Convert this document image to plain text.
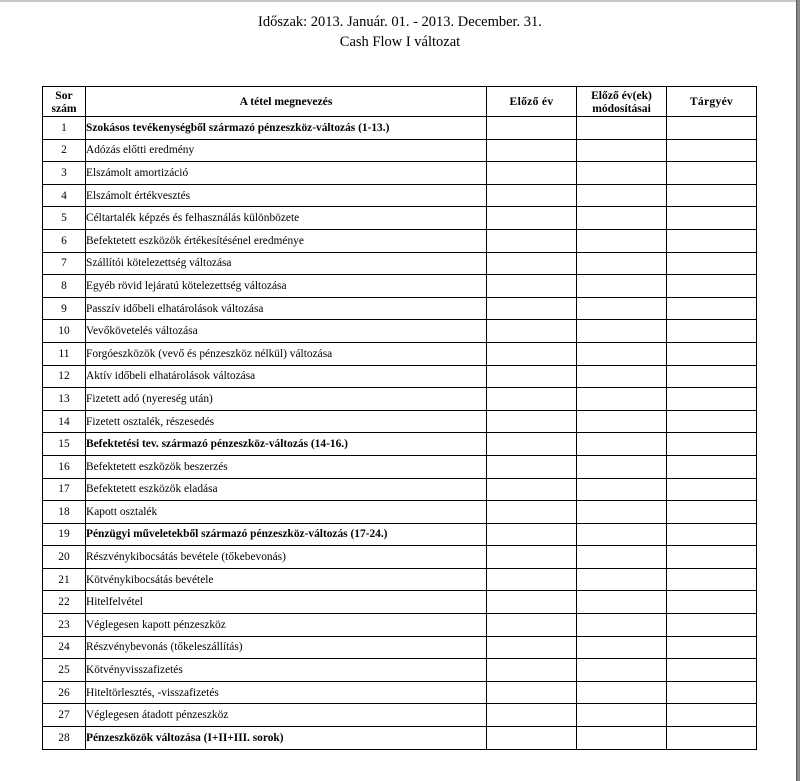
Időszak: 2013. Január. 01. - 2013. December. 31.
Cash Flow I változat
Sor szám	A tétel megnevezés	Előző év	Előző év(ek) módosításai	Tárgyév
1	Szokásos tevékenységből származó pénzeszköz-változás (1-13.)			
2	Adózás előtti eredmény			
3	Elszámolt amortizáció			
4	Elszámolt értékvesztés			
5	Céltartalék képzés és felhasználás különbözete			
6	Befektetett eszközök értékesítésénel eredménye			
7	Szállítói kötelezettség változása			
8	Egyéb rövid lejáratú kötelezettség változása			
9	Passzív időbeli elhatárolások változása			
10	Vevőkövetelés változása			
11	Forgóeszközök (vevő és pénzeszköz nélkül) változása			
12	Aktív időbeli elhatárolások változása			
13	Fizetett adó (nyereség után)			
14	Fizetett osztalék, részesedés			
15	Befektetési tev. származó pénzeszköz-változás (14-16.)			
16	Befektetett eszközök beszerzés			
17	Befektetett eszközök eladása			
18	Kapott osztalék			
19	Pénzügyi műveletekből származó pénzeszköz-változás (17-24.)			
20	Részvénykibocsátás bevétele (tőkebevonás)			
21	Kötvénykibocsátás bevétele			
22	Hitelfelvétel			
23	Véglegesen kapott pénzeszköz			
24	Részvénybevonás (tőkeleszállítás)			
25	Kötvényvisszafizetés			
26	Hiteltörlesztés, -visszafizetés			
27	Véglegesen átadott pénzeszköz			
28	Pénzeszközök változása (I+II+III. sorok)			
